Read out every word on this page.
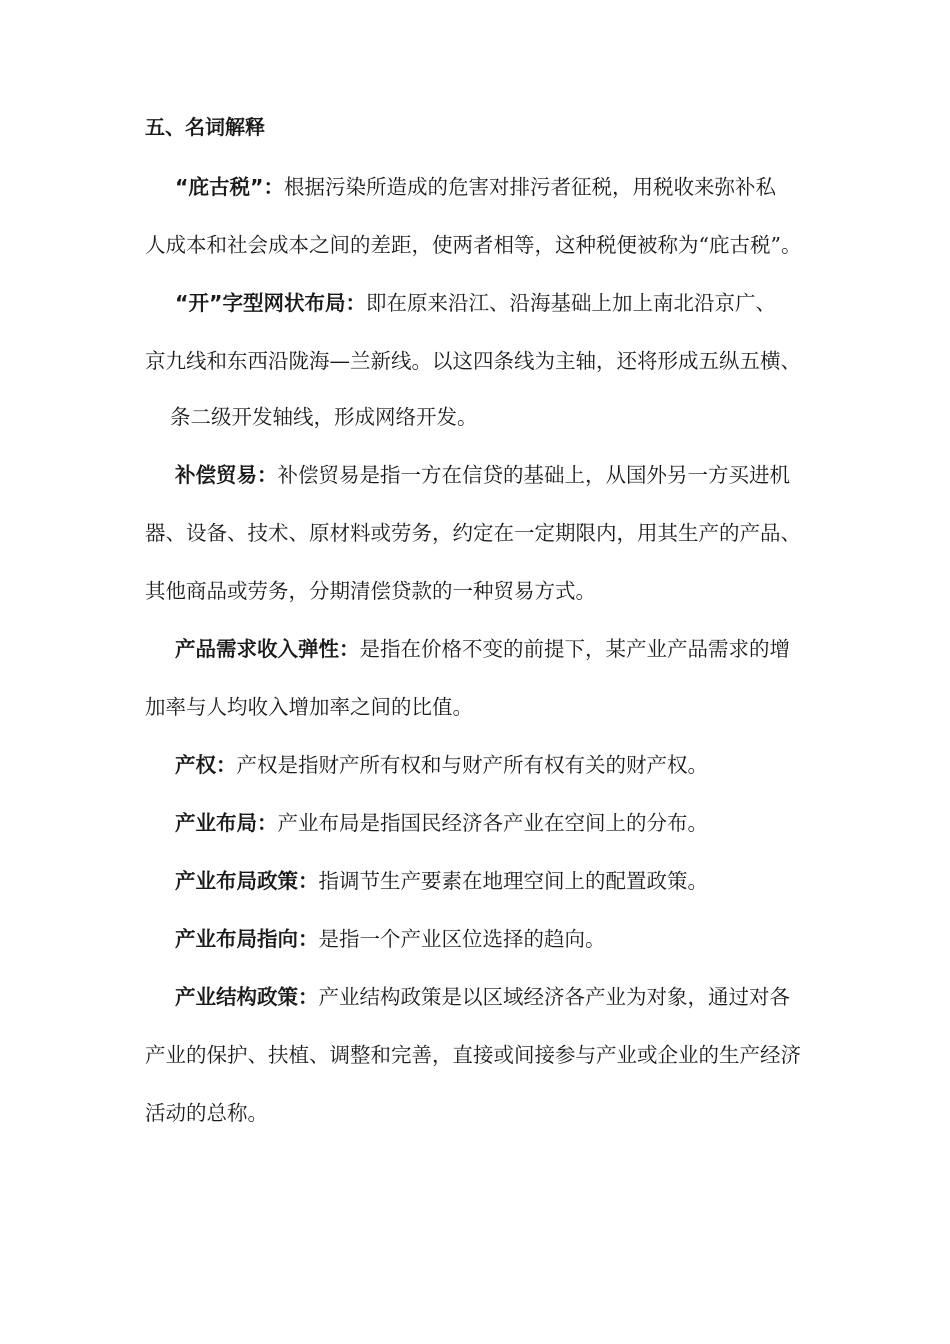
五、名词解释

“庇古税”：根据污染所造成的危害对排污者征税，用税收来弥补私

人成本和社会成本之间的差距，使两者相等，这种税便被称为“庇古税”。

“开”字型网状布局：即在原来沿江、沿海基础上加上南北沿京广、

京九线和东西沿陇海—兰新线。以这四条线为主轴，还将形成五纵五横、

条二级开发轴线，形成网络开发。

补偿贸易：补偿贸易是指一方在信贷的基础上，从国外另一方买进机

器、设备、技术、原材料或劳务，约定在一定期限内，用其生产的产品、

其他商品或劳务，分期清偿贷款的一种贸易方式。

产品需求收入弹性：是指在价格不变的前提下，某产业产品需求的增

加率与人均收入增加率之间的比值。

产权：产权是指财产所有权和与财产所有权有关的财产权。

产业布局：产业布局是指国民经济各产业在空间上的分布。

产业布局政策：指调节生产要素在地理空间上的配置政策。

产业布局指向：是指一个产业区位选择的趋向。

产业结构政策：产业结构政策是以区域经济各产业为对象，通过对各

产业的保护、扶植、调整和完善，直接或间接参与产业或企业的生产经济

活动的总称。
